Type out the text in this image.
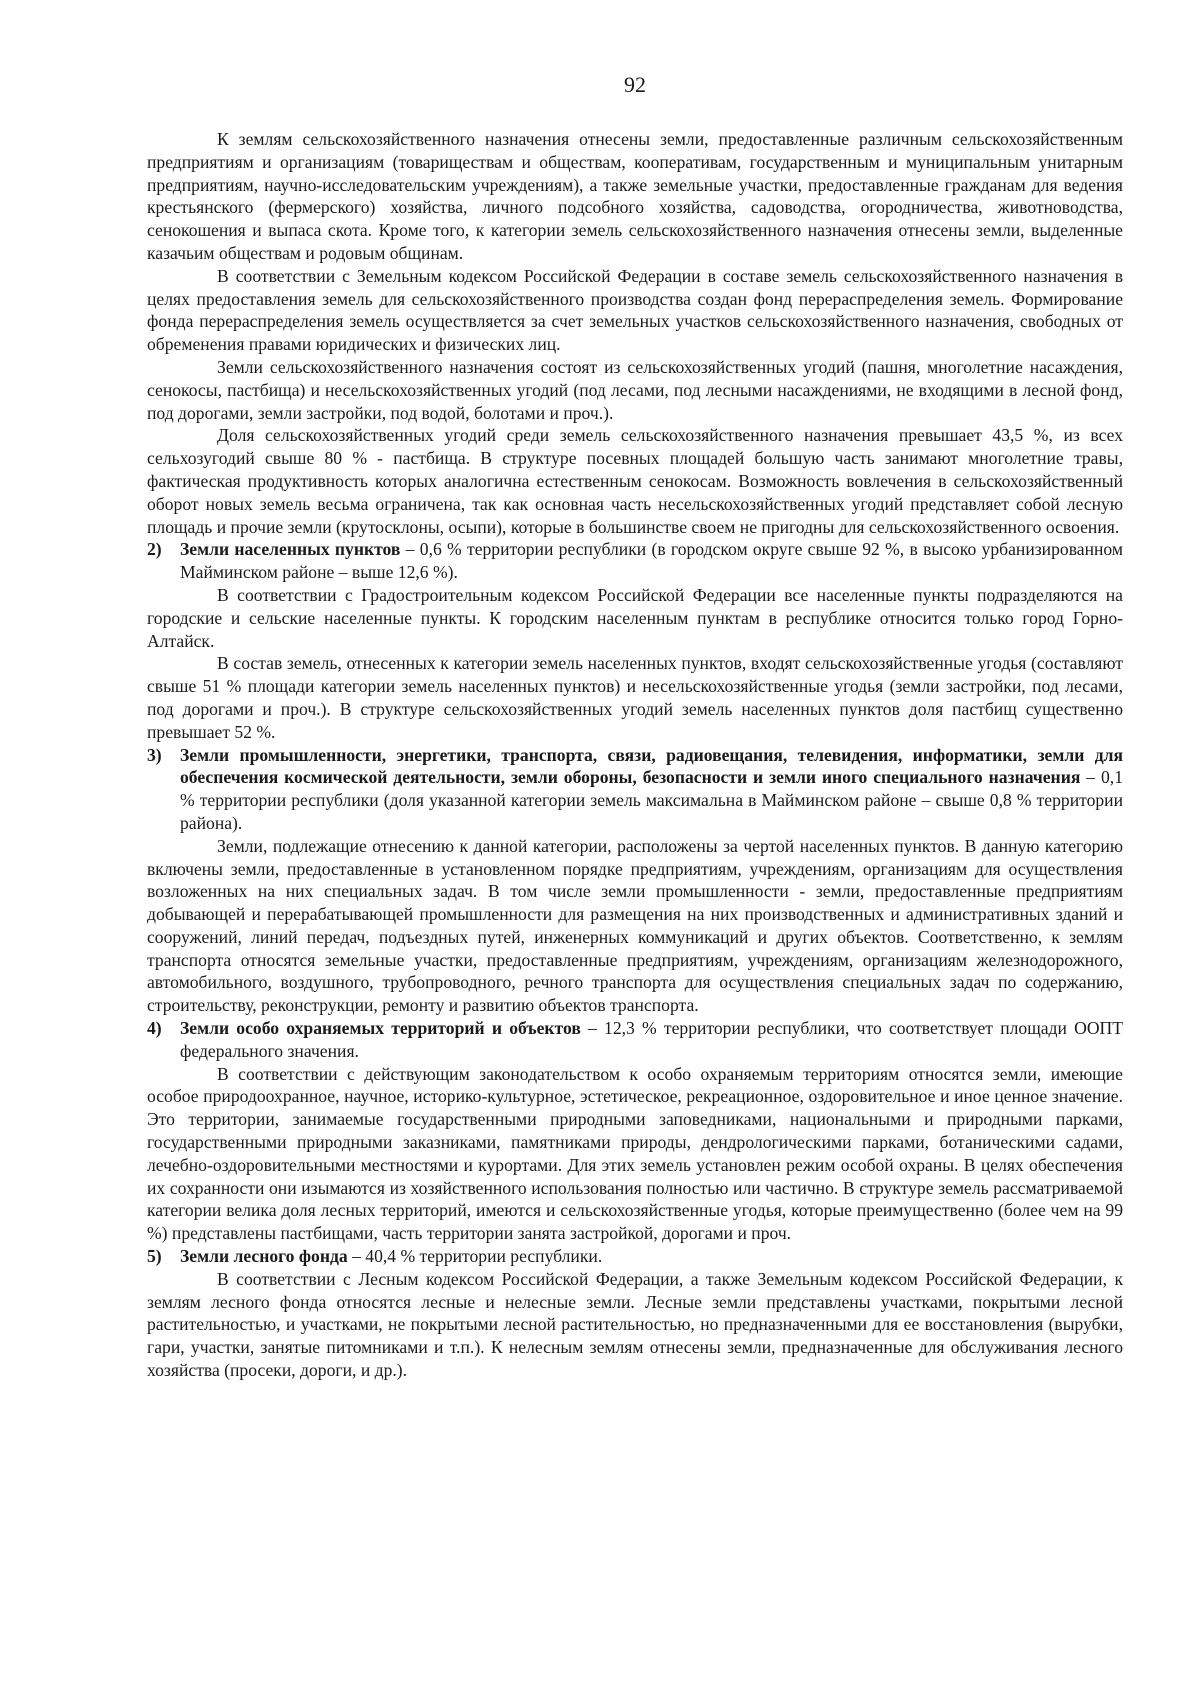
92

К землям сельскохозяйственного назначения отнесены земли, предоставленные различным сельскохозяйственным предприятиям и организациям (товариществам и обществам, кооперативам, государственным и муниципальным унитарным предприятиям, научно-исследовательским учреждениям), а также земельные участки, предоставленные гражданам для ведения крестьянского (фермерского) хозяйства, личного подсобного хозяйства, садоводства, огородничества, животноводства, сенокошения и выпаса скота. Кроме того, к категории земель сельскохозяйственного назначения отнесены земли, выделенные казачьим обществам и родовым общинам.

В соответствии с Земельным кодексом Российской Федерации в составе земель сельскохозяйственного назначения в целях предоставления земель для сельскохозяйственного производства создан фонд перераспределения земель. Формирование фонда перераспределения земель осуществляется за счет земельных участков сельскохозяйственного назначения, свободных от обременения правами юридических и физических лиц.

Земли сельскохозяйственного назначения состоят из сельскохозяйственных угодий (пашня, многолетние насаждения, сенокосы, пастбища) и несельскохозяйственных угодий (под лесами, под лесными насаждениями, не входящими в лесной фонд, под дорогами, земли застройки, под водой, болотами и проч.).

Доля сельскохозяйственных угодий среди земель сельскохозяйственного назначения превышает 43,5 %, из всех сельхозугодий свыше 80 % - пастбища. В структуре посевных площадей большую часть занимают многолетние травы, фактическая продуктивность которых аналогична естественным сенокосам. Возможность вовлечения в сельскохозяйственный оборот новых земель весьма ограничена, так как основная часть несельскохозяйственных угодий представляет собой лесную площадь и прочие земли (крутосклоны, осыпи), которые в большинстве своем не пригодны для сельскохозяйственного освоения.

2) Земли населенных пунктов – 0,6 % территории республики (в городском округе свыше 92 %, в высоко урбанизированном Майминском районе – выше 12,6 %).

В соответствии с Градостроительным кодексом Российской Федерации все населенные пункты подразделяются на городские и сельские населенные пункты. К городским населенным пунктам в республике относится только город Горно-Алтайск.

В состав земель, отнесенных к категории земель населенных пунктов, входят сельскохозяйственные угодья (составляют свыше 51 % площади категории земель населенных пунктов) и несельскохозяйственные угодья (земли застройки, под лесами, под дорогами и проч.). В структуре сельскохозяйственных угодий земель населенных пунктов доля пастбищ существенно превышает 52 %.

3) Земли промышленности, энергетики, транспорта, связи, радиовещания, телевидения, информатики, земли для обеспечения космической деятельности, земли обороны, безопасности и земли иного специального назначения – 0,1 % территории республики (доля указанной категории земель максимальна в Майминском районе – свыше 0,8 % территории района).

Земли, подлежащие отнесению к данной категории, расположены за чертой населенных пунктов. В данную категорию включены земли, предоставленные в установленном порядке предприятиям, учреждениям, организациям для осуществления возложенных на них специальных задач. В том числе земли промышленности - земли, предоставленные предприятиям добывающей и перерабатывающей промышленности для размещения на них производственных и административных зданий и сооружений, линий передач, подъездных путей, инженерных коммуникаций и других объектов. Соответственно, к землям транспорта относятся земельные участки, предоставленные предприятиям, учреждениям, организациям железнодорожного, автомобильного, воздушного, трубопроводного, речного транспорта для осуществления специальных задач по содержанию, строительству, реконструкции, ремонту и развитию объектов транспорта.

4) Земли особо охраняемых территорий и объектов – 12,3 % территории республики, что соответствует площади ООПТ федерального значения.

В соответствии с действующим законодательством к особо охраняемым территориям относятся земли, имеющие особое природоохранное, научное, историко-культурное, эстетическое, рекреационное, оздоровительное и иное ценное значение. Это территории, занимаемые государственными природными заповедниками, национальными и природными парками, государственными природными заказниками, памятниками природы, дендрологическими парками, ботаническими садами, лечебно-оздоровительными местностями и курортами. Для этих земель установлен режим особой охраны. В целях обеспечения их сохранности они изымаются из хозяйственного использования полностью или частично. В структуре земель рассматриваемой категории велика доля лесных территорий, имеются и сельскохозяйственные угодья, которые преимущественно (более чем на 99 %) представлены пастбищами, часть территории занята застройкой, дорогами и проч.

5) Земли лесного фонда – 40,4 % территории республики.

В соответствии с Лесным кодексом Российской Федерации, а также Земельным кодексом Российской Федерации, к землям лесного фонда относятся лесные и нелесные земли. Лесные земли представлены участками, покрытыми лесной растительностью, и участками, не покрытыми лесной растительностью, но предназначенными для ее восстановления (вырубки, гари, участки, занятые питомниками и т.п.). К нелесным землям отнесены земли, предназначенные для обслуживания лесного хозяйства (просеки, дороги, и др.).
